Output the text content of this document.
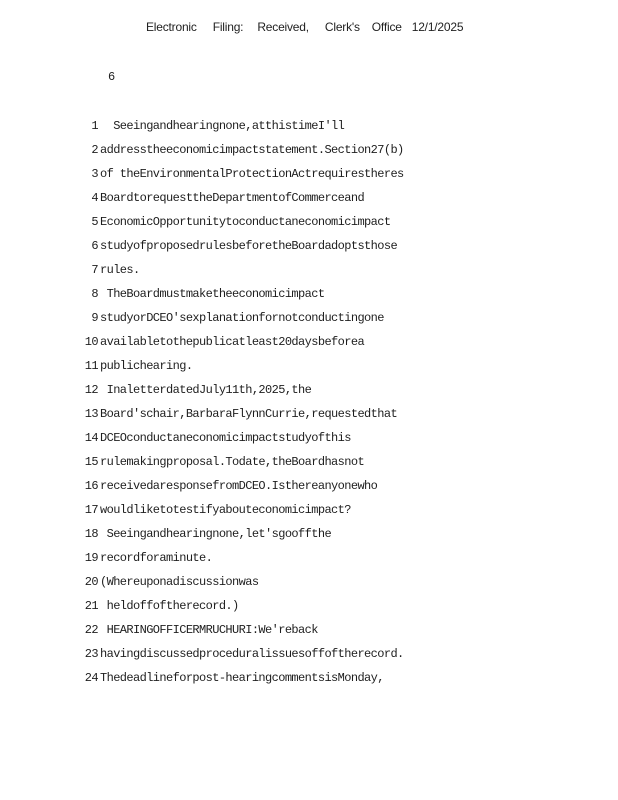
Electronic Filing: Received, Clerk's Office 12/1/2025
6
1  Seeingandhearingnone,atthistimeI'll
2 addresstheeconomicimpactstatement.Section27(b)
3 of theEnvironmentalProtectionActrequirestheres
4 BoardtorequesttheDepartmentofCommerceand
5 EconomicOpportunitytoconductaneconomicimpact
6 studyofproposedrulesbeforetheBoardadoptsthose
7 rules.
8 TheBoardmustmaketheeconomicimpact
9 studyorDCEO'sexplanationfornotconductingone
10 availabletothepublicatleast20daysbeforea
11 publichearing.
12 InaletterdatedJuly11th,2025,the
13 Board'schair,BarbaraFlynnCurrie,requestedthat
14 DCEOconductaneconomicimpactstudyofthis
15 rulemakingproposal.Todate,theBoardhasnot
16 receivedaresponsefromDCEO.Isthereanyonewho
17 wouldliketotestifyabouteconomicimpact?
18 Seeingandhearingnone,let'sgooffthe
19 recordforaminute.
20 (Whereuponadiscussionwas
21 heldoffoftherecord.)
22 HEARINGOFFICERMRUCHURI:We'reback
23 havingdiscussedproceduralissuesoffoftherecord.
24 Thedeadlineforpost-hearingcommentsisMonday,
